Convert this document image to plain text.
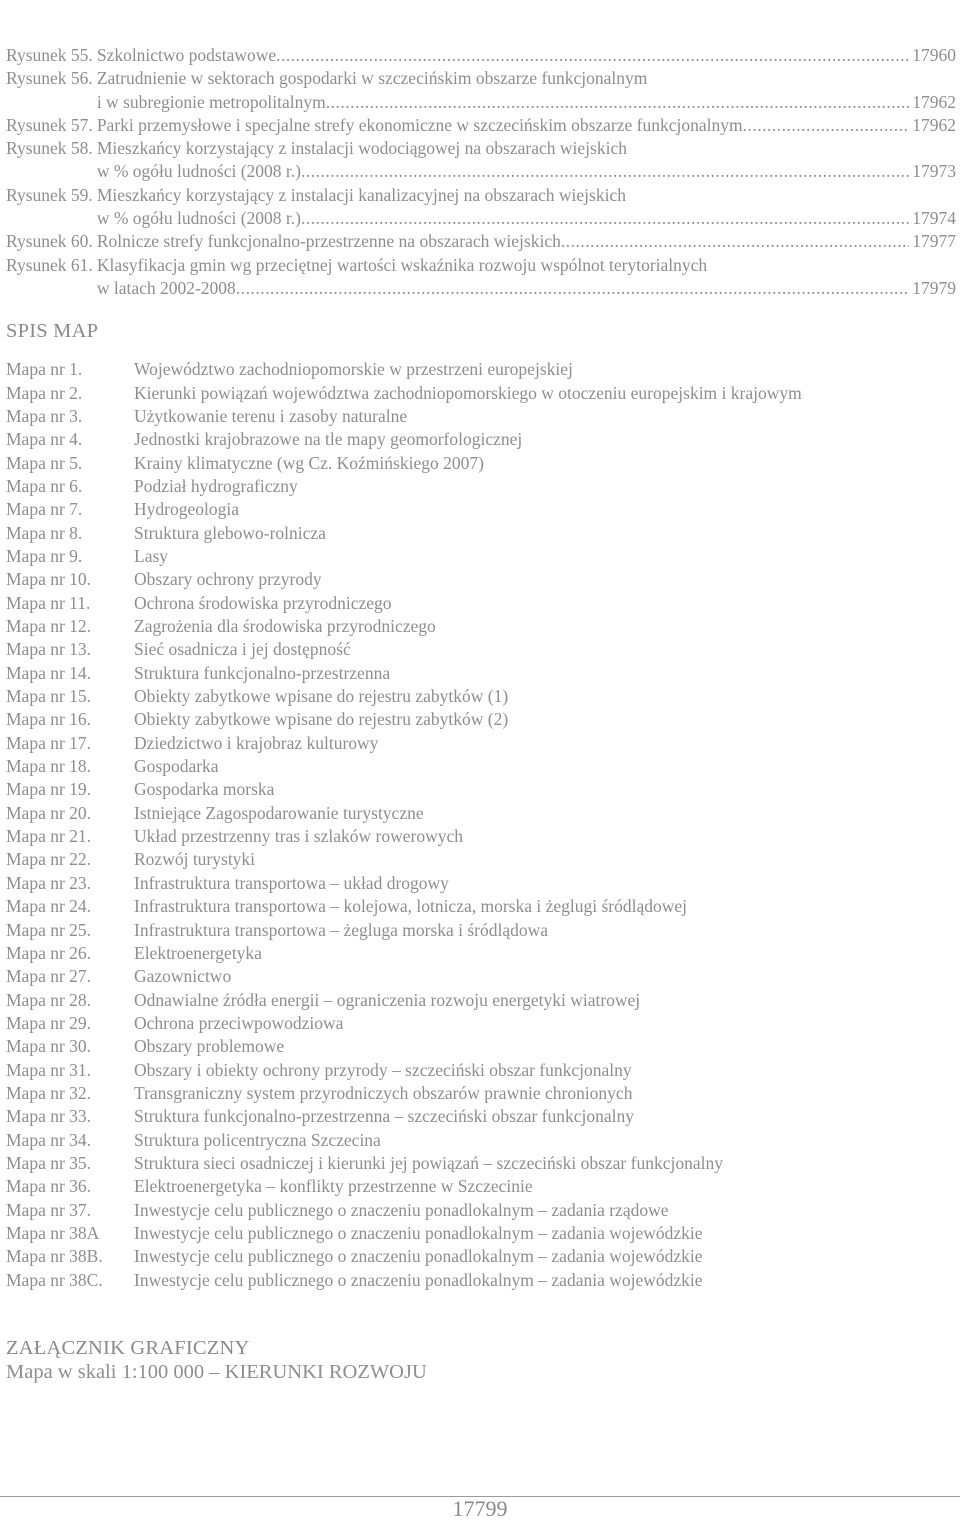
Rysunek 55. Szkolnictwo podstawowe .....	17960
Rysunek 56. Zatrudnienie w sektorach gospodarki w szczecińskim obszarze funkcjonalnym
i w subregionie metropolitalnym .....	17962
Rysunek 57. Parki przemysłowe i specjalne strefy ekonomiczne w szczecińskim obszarze funkcjonalnym .....	17962
Rysunek 58. Mieszkańcy korzystający z instalacji wodociągowej na obszarach wiejskich
w % ogółu ludności (2008 r.) .....	17973
Rysunek 59. Mieszkańcy korzystający z instalacji kanalizacyjnej na obszarach wiejskich
w % ogółu ludności (2008 r.) .....	17974
Rysunek 60. Rolnicze strefy funkcjonalno-przestrzenne na obszarach wiejskich .....	17977
Rysunek 61. Klasyfikacja gmin wg przeciętnej wartości wskaźnika rozwoju wspólnot terytorialnych
w latach 2002-2008 .....	17979
SPIS MAP
Mapa nr 1.	Województwo zachodniopomorskie w przestrzeni europejskiej
Mapa nr 2.	Kierunki powiązań województwa zachodniopomorskiego w otoczeniu europejskim i krajowym
Mapa nr 3.	Użytkowanie terenu i zasoby naturalne
Mapa nr 4.	Jednostki krajobrazowe na tle mapy geomorfologicznej
Mapa nr 5.	Krainy klimatyczne (wg Cz. Koźmińskiego 2007)
Mapa nr 6.	Podział hydrograficzny
Mapa nr 7.	Hydrogeologia
Mapa nr 8.	Struktura glebowo-rolnicza
Mapa nr 9.	Lasy
Mapa nr 10.	Obszary ochrony przyrody
Mapa nr 11.	Ochrona środowiska przyrodniczego
Mapa nr 12.	Zagrożenia dla środowiska przyrodniczego
Mapa nr 13.	Sieć osadnicza i jej dostępność
Mapa nr 14.	Struktura funkcjonalno-przestrzenna
Mapa nr 15.	Obiekty zabytkowe wpisane do rejestru zabytków (1)
Mapa nr 16.	Obiekty zabytkowe wpisane do rejestru zabytków (2)
Mapa nr 17.	Dziedzictwo i krajobraz kulturowy
Mapa nr 18.	Gospodarka
Mapa nr 19.	Gospodarka morska
Mapa nr 20.	Istniejące Zagospodarowanie turystyczne
Mapa nr 21.	Układ przestrzenny tras i szlaków rowerowych
Mapa nr 22.	Rozwój turystyki
Mapa nr 23.	Infrastruktura transportowa – układ drogowy
Mapa nr 24.	Infrastruktura transportowa – kolejowa, lotnicza, morska i żeglugi śródlądowej
Mapa nr 25.	Infrastruktura transportowa – żegluga morska i śródlądowa
Mapa nr 26.	Elektroenergetyka
Mapa nr 27.	Gazownictwo
Mapa nr 28.	Odnawialne źródła energii – ograniczenia rozwoju energetyki wiatrowej
Mapa nr 29.	Ochrona przeciwpowodziowa
Mapa nr 30.	Obszary problemowe
Mapa nr 31.	Obszary i obiekty ochrony przyrody – szczeciński obszar funkcjonalny
Mapa nr 32.	Transgraniczny system przyrodniczych obszarów prawnie chronionych
Mapa nr 33.	Struktura funkcjonalno-przestrzenna – szczeciński obszar funkcjonalny
Mapa nr 34.	Struktura policentryczna Szczecina
Mapa nr 35.	Struktura sieci osadniczej i kierunki jej powiązań – szczeciński obszar funkcjonalny
Mapa nr 36.	Elektroenergetyka – konflikty przestrzenne w Szczecinie
Mapa nr 37.	Inwestycje celu publicznego o znaczeniu ponadlokalnym – zadania rządowe
Mapa nr 38A	Inwestycje celu publicznego o znaczeniu ponadlokalnym – zadania wojewódzkie
Mapa nr 38B.	Inwestycje celu publicznego o znaczeniu ponadlokalnym – zadania wojewódzkie
Mapa nr 38C.	Inwestycje celu publicznego o znaczeniu ponadlokalnym – zadania wojewódzkie
ZAŁĄCZNIK GRAFICZNY
Mapa w skali 1:100 000 – KIERUNKI ROZWOJU
17799
